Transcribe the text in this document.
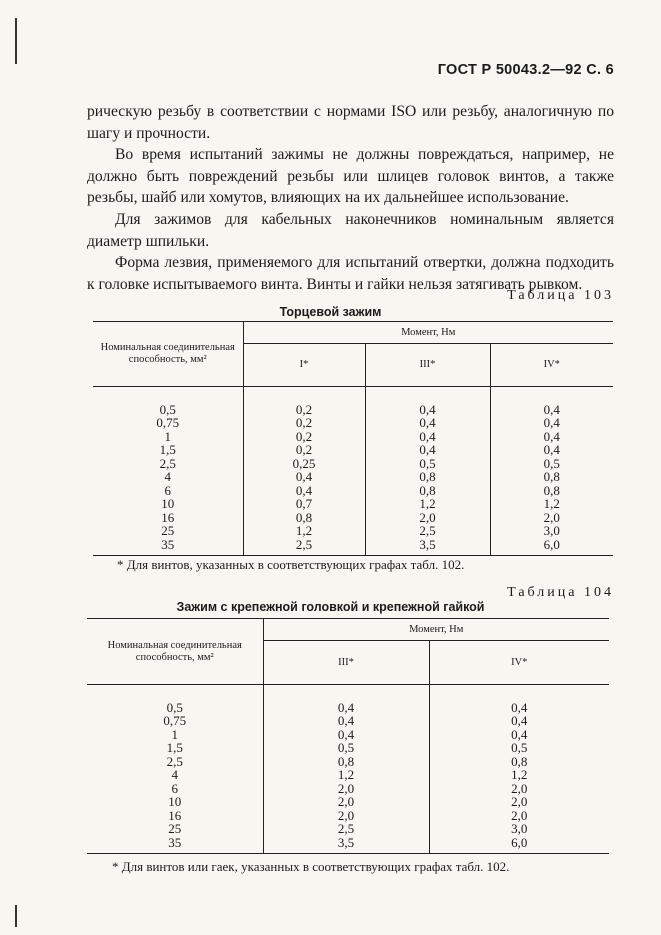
ГОСТ Р 50043.2—92 С. 6

рическую резьбу в соответствии с нормами ISO или резьбу, аналогичную по шагу и прочности.

Во время испытаний зажимы не должны повреждаться, например, не должно быть повреждений резьбы или шлицев головок винтов, а также резьбы, шайб или хомутов, влияющих на их дальнейшее использование.

Для зажимов для кабельных наконечников номинальным является диаметр шпильки.

Форма лезвия, применяемого для испытаний отвертки, должна подходить к головке испытываемого винта. Винты и гайки нельзя затягивать рывком.

Таблица 103
Торцевой зажим
Номинальная соединительная способность, мм²	Момент, Нм		
	I*	III*	IV*

0,5	0,2	0,4	0,4
0,75	0,2	0,4	0,4
1	0,2	0,4	0,4
1,5	0,2	0,4	0,4
2,5	0,25	0,5	0,5
4	0,4	0,8	0,8
6	0,4	0,8	0,8
10	0,7	1,2	1,2
16	0,8	2,0	2,0
25	1,2	2,5	3,0
35	2,5	3,5	6,0

* Для винтов, указанных в соответствующих графах табл. 102.
Таблица 104
Зажим с крепежной головкой и крепежной гайкой
Номинальная соединительная способность, мм²	Момент, Нм	
	III*	IV*

0,5	0,4	0,4
0,75	0,4	0,4
1	0,4	0,4
1,5	0,5	0,5
2,5	0,8	0,8
4	1,2	1,2
6	2,0	2,0
10	2,0	2,0
16	2,0	2,0
25	2,5	3,0
35	3,5	6,0

* Для винтов или гаек, указанных в соответствующих графах табл. 102.
